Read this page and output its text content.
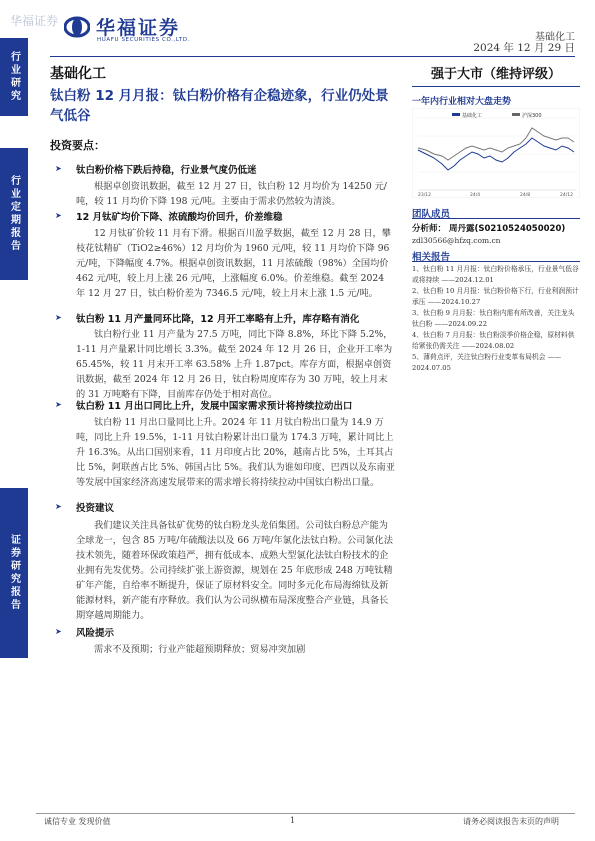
华福证券 华福证券
HUAFU SECURITIES CO.,LTD.	基础化工
2024 年 12 月 29 日
行业研究
行业定期报告
证券研究报告
基础化工
钛白粉 12 月月报：钛白粉价格有企稳迹象，行业仍处景气低谷
投资要点：
➤ 钛白粉价格下跌后持稳，行业景气度仍低迷
根据卓创资讯数据，截至 12 月 27 日，钛白粉 12 月均价为 14250 元/吨，较 11 月均价下降 198 元/吨。主要由于需求仍然较为清淡。
➤ 12 月钛矿均价下降、浓硫酸均价回升，价差维稳
12 月钛矿价较 11 月有下滑。根据百川盈孚数据，截至 12 月 28 日，攀枝花钛精矿（TiO2≥46%）12 月均价为 1960 元/吨，较 11 月均价下降 96 元/吨，下降幅度 4.7%。根据卓创资讯数据，11 月浓硫酸（98%）全国均价 462 元/吨，较上月上涨 26 元/吨，上涨幅度 6.0%。价差维稳。截至 2024 年 12 月 27 日，钛白粉价差为 7346.5 元/吨，较上月末上涨 1.5 元/吨。
➤ 钛白粉 11 月产量同环比降，12 月开工率略有上升，库存略有消化
钛白粉行业 11 月产量为 27.5 万吨，同比下降 8.8%，环比下降 5.2%，1-11 月产量累计同比增长 3.3%。截至 2024 年 12 月 26 日，企业开工率为 65.45%，较 11 月末开工率 63.58% 上升 1.87pct。库存方面，根据卓创资讯数据，截至 2024 年 12 月 26 日，钛白粉周度库存为 30 万吨，较上月末的 31 万吨略有下降，目前库存仍处于相对高位。
➤ 钛白粉 11 月出口同比上升，发展中国家需求预计将持续拉动出口
钛白粉 11 月出口量同比上升。2024 年 11 月钛白粉出口量为 14.9 万吨，同比上升 19.5%，1-11 月钛白粉累计出口量为 174.3 万吨，累计同比上升 16.3%。从出口国别来看，11 月印度占比 20%，越南占比 5%，土耳其占比 5%，阿联酋占比 5%、韩国占比 5%。我们认为谁如印度、巴西以及东南亚等发展中国家经济高速发展带来的需求增长将持续拉动中国钛白粉出口量。
➤ 投资建议
我们建议关注具备钛矿优势的钛白粉龙头龙佰集团。公司钛白粉总产能为全球龙一，包含 85 万吨/年硫酸法以及 66 万吨/年氯化法钛白粉。公司氯化法技术领先，随着环保政策趋严，拥有低成本、成熟大型氯化法钛白粉技术的企业拥有先发优势。公司持续扩张上游资源，规划在 25 年底形成 248 万吨钛精矿年产能，自给率不断提升，保证了原材料安全。同时多元化布局海绵钛及新能源材料，新产能有序释放。我们认为公司纵横布局深度整合产业链，具备长期穿越周期能力。
➤ 风险提示
需求不及预期；行业产能超预期释放；贸易冲突加剧
强于大市（维持评级）
一年内行业相对大盘走势
基础化工	沪深300
23/12	24/4	24/8	24/12
团队成员
分析师： 周丹露(S0210524050020)
zdl30566@hfzq.com.cn
相关报告
1、钛白粉 11 月月报：钛白粉价格承压，行业景气低谷或将持续 ——2024.12.01
2、钛白粉 10 月月报：钛白粉价格下行，行业利润预计承压 ——2024.10.27
3、钛白粉 9 月月报：钛白粉内需有所改善，关注龙头钛白粉 ——2024.09.22
4、钛白粉 7 月月报：钛白粉淡季价格企稳，原材料供给紧张仍需关注 ——2024.08.02
5、薄荷点评，关注钛白粉行业变革布局机会 ——2024.07.05
诚信专业 发现价值	1	请务必阅读报告末页的声明
